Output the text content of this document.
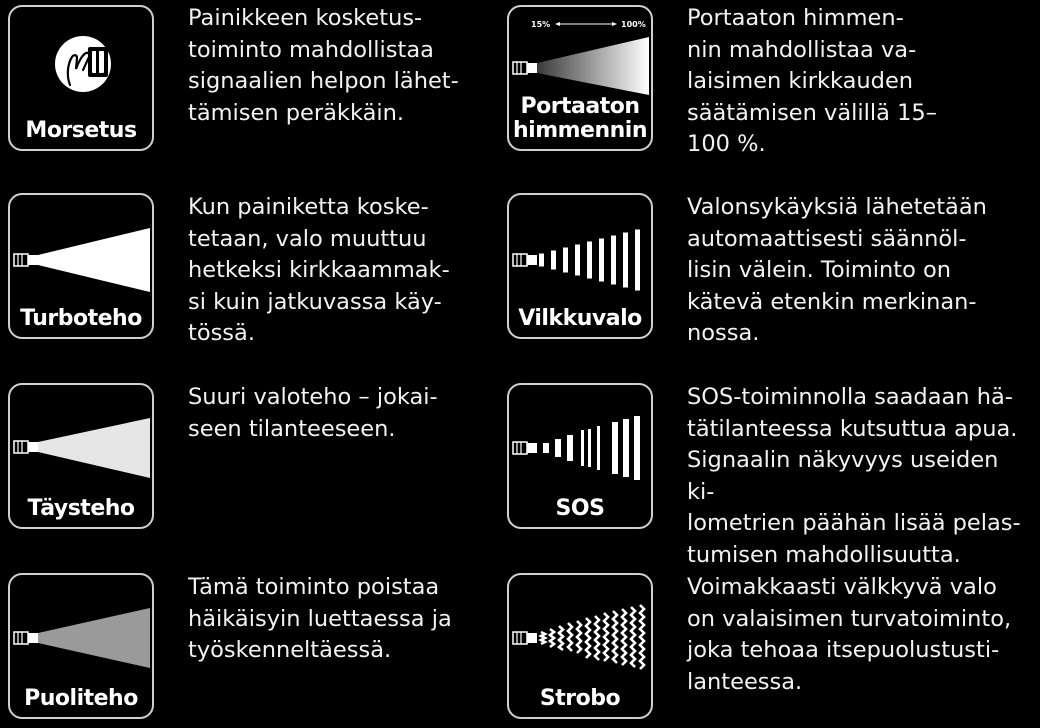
Morsetus
Painikkeen kosketus-
toiminto mahdollistaa
signaalien helpon lähet-
tämisen peräkkäin.
Turboteho
Kun painiketta koske-
tetaan, valo muuttuu
hetkeksi kirkkaammak-
si kuin jatkuvassa käy-
tössä.
Täysteho
Suuri valoteho – jokai-
seen tilanteeseen.
Puoliteho
Tämä toiminto poistaa
häikäisyin luettaessa ja
työskenneltäessä.
15%	100%
Portaaton
himmennin
Portaaton himmen-
nin mahdollistaa va-
laisimen kirkkauden
säätämisen välillä 15–
100 %.
Vilkkuvalo
Valonsykäyksiä lähetetään
automaattisesti säännöl-
lisin välein. Toiminto on
kätevä etenkin merkinan-
nossa.
SOS
SOS-toiminnolla saadaan hä-
tätilanteessa kutsuttua apua.
Signaalin näkyvyys useiden ki-
lometrien päähän lisää pelas-
tumisen mahdollisuutta.
Strobo
Voimakkaasti välkkyvä valo
on valaisimen turvatoiminto,
joka tehoaa itsepuolustusti-
lanteessa.
